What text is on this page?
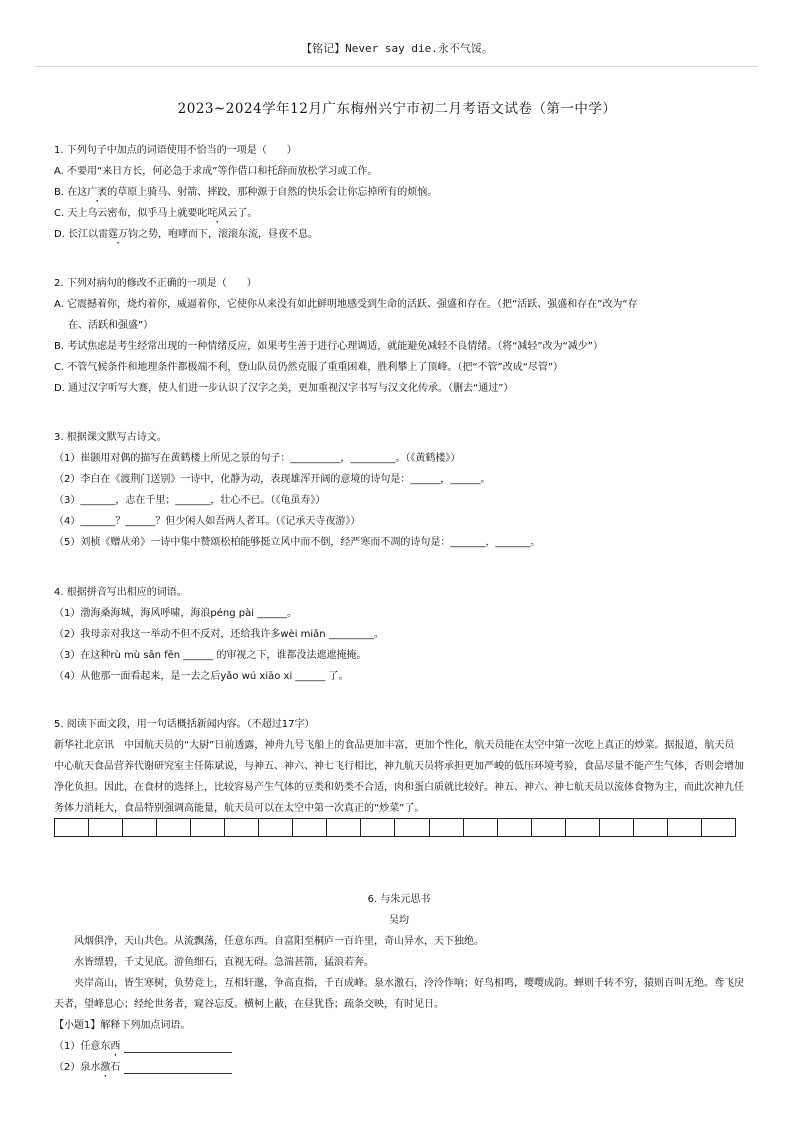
【铭记】Never say die.永不气馁。
2023~2024学年12月广东梅州兴宁市初二月考语文试卷（第一中学）
1. 下列句子中加点的词语使用不恰当的一项是（　　）
A. 不要用“来日方长，何必急于求成”等作借口和托辞而放松学习或工作。
B. 在这广袤的草原上骑马、射箭、摔跤，那种源于自然的快乐会让你忘掉所有的烦恼。
C. 天上乌云密布，似乎马上就要叱咤风云了。
D. 长江以雷霆万钧之势，咆哮而下，滚滚东流，昼夜不息。
2. 下列对病句的修改不正确的一项是（　　）
A. 它震撼着你，烧灼着你，威逼着你，它使你从来没有如此鲜明地感受到生命的活跃、强盛和存在。（把“活跃、强盛和存在”改为“存
在、活跃和强盛”）
B. 考试焦虑是考生经常出现的一种情绪反应，如果考生善于进行心理调适，就能避免减轻不良情绪。（将“减轻”改为“减少”）
C. 不管气候条件和地理条件都极端不利，登山队员仍然克服了重重困难，胜利攀上了顶峰。（把“不管”改成“尽管”）
D. 通过汉字听写大赛，使人们进一步认识了汉字之美，更加重视汉字书写与汉文化传承。（删去“通过”）
3. 根据课文默写古诗文。
（1）崔颢用对偶的描写在黄鹤楼上所见之景的句子：__________，_________。（《黄鹤楼》）
（2）李白在《渡荆门送别》一诗中，化静为动，表现雄浑开阔的意境的诗句是：______，______。
（3）_______，志在千里；_______，壮心不已。（《龟虽寿》）
（4）_______？______？但少闲人如吾两人者耳。（《记承天寺夜游》）
（5）刘桢《赠从弟》一诗中集中赞颂松柏能够挺立风中而不倒，经严寒而不凋的诗句是：_______，_______。
4. 根据拼音写出相应的词语。
（1）渤海桑海城，海风呼啸，海浪péng pài ______。
（2）我母亲对我这一举动不但不反对，还给我许多wèi miǎn _________。
（3）在这种rù mù sān fēn ______ 的审视之下，谁都没法遮遮掩掩。
（4）从他那一面看起来，是一去之后yǎo wú xiāo xi ______ 了。
5. 阅读下面文段，用一句话概括新闻内容。（不超过17字）
新华社北京讯　中国航天员的“大厨”日前透露，神舟九号飞船上的食品更加丰富，更加个性化，航天员能在太空中第一次吃上真正的炒菜。据报道，航天员中心航天食品营养代谢研究室主任陈斌说，与神五、神六、神七飞行相比，神九航天员将承担更加严峻的低压环境考验，食品尽量不能产生气体，否则会增加净化负担。因此，在食材的选择上，比较容易产生气体的豆类和奶类不合适，肉和蛋白质就比较好。神五、神六、神七航天员以流体食物为主，而此次神九任务体力消耗大，食品特别强调高能量，航天员可以在太空中第一次真正的“炒菜”了。
6. 与朱元思书
吴均
风烟俱净，天山共色。从流飘荡，任意东西。自富阳至桐庐一百许里，奇山异水，天下独绝。
水皆缥碧，千丈见底。游鱼细石，直视无碍。急湍甚箭，猛浪若奔。
夹岸高山，皆生寒树，负势竞上，互相轩邈，争高直指，千百成峰。泉水激石，泠泠作响；好鸟相鸣，嘤嘤成韵。蝉则千转不穷，猿则百叫无绝。鸢飞戾天者，望峰息心；经纶世务者，窥谷忘反。横柯上蔽，在昼犹昏；疏条交映，有时见日。
【小题1】解释下列加点词语。
（1）任意东西
（2）泉水激石
